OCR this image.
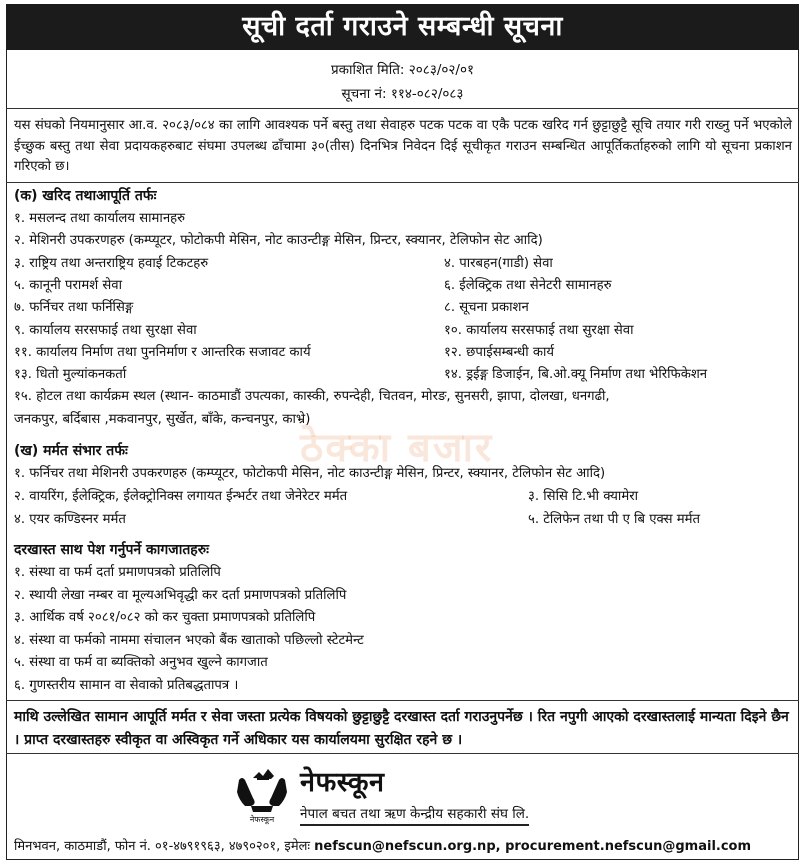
सूची दर्ता गराउने सम्बन्धी सूचना
प्रकाशित मिति: २०८३/०२/०१
सूचना नं: ११४-०८२/०८३
यस संघको नियमानुसार आ.व. २०८३/०८४ का लागि आवश्यक पर्ने बस्तु तथा सेवाहरु पटक पटक वा एकै पटक खरिद गर्न छुट्टाछुट्टै सूचि तयार गरी राख्नु पर्ने भएकोले ईच्छुक बस्तु तथा सेवा प्रदायकहरुबाट संघमा उपलब्ध ढाँचामा ३०(तीस) दिनभित्र निवेदन दिई सूचीकृत गराउन सम्बन्धित आपूर्तिकर्ताहरुको लागि यो सूचना प्रकाशन गरिएको छ।
ठेक्का बजार
(क) खरिद तथाआपूर्ति तर्फः
१. मसलन्द तथा कार्यालय सामानहरु
२. मेशिनरी उपकरणहरु (कम्प्यूटर, फोटोकपी मेसिन, नोट काउन्टीङ्ग मेसिन, प्रिन्टर, स्क्यानर, टेलिफोन सेट आदि)
३. राष्ट्रिय तथा अन्तराष्ट्रिय हवाई टिकटहरु	४. पारबहन(गाडी) सेवा
५. कानूनी परामर्श सेवा	६. ईलेक्ट्रिक तथा सेनेटरी सामानहरु
७. फर्निचर तथा फर्निसिङ्ग	८. सूचना प्रकाशन
९. कार्यालय सरसफाई तथा सुरक्षा सेवा	१०. कार्यालय सरसफाई तथा सुरक्षा सेवा
११. कार्यालय निर्माण तथा पुननिर्माण र आन्तरिक सजावट कार्य	१२. छपाईसम्बन्धी कार्य
१३. धितो मुल्यांकनकर्ता	१४. ड्रईङ्ग डिजाईन, बि.ओ.क्यू निर्माण तथा भेरिफिकेशन
१५. होटल तथा कार्यक्रम स्थल (स्थान- काठमाडौं उपत्यका, कास्की, रुपन्देही, चितवन, मोरङ, सुनसरी, झापा, दोलखा, धनगढी,
जनकपुर, बर्दिबास ,मकवानपुर, सुर्खेत, बाँके, कन्चनपुर, काभ्रे)
(ख) मर्मत संभार तर्फः
१. फर्निचर तथा मेशिनरी उपकरणहरु (कम्प्यूटर, फोटोकपी मेसिन, नोट काउन्टीङ्ग मेसिन, प्रिन्टर, स्क्यानर, टेलिफोन सेट आदि)
२. वायरिंग, ईलेक्ट्रिक, ईलेक्ट्रोनिक्स लगायत ईन्भर्टर तथा जेनेरेटर मर्मत	३. सिसि टि.भी क्यामेरा
४. एयर कण्डिस्नर मर्मत	५. टेलिफेन तथा पी ए बि एक्स मर्मत
दरखास्त साथ पेश गर्नुपर्ने कागजातहरुः
१. संस्था वा फर्म दर्ता प्रमाणपत्रको प्रतिलिपि
२. स्थायी लेखा नम्बर वा मूल्यअभिवृद्धी कर दर्ता प्रमाणपत्रको प्रतिलिपि
३. आर्थिक वर्ष २०८१/०८२ को कर चुक्ता प्रमाणपत्रको प्रतिलिपि
४. संस्था वा फर्मको नाममा संचालन भएको बैंक खाताको पछिल्लो स्टेटमेन्ट
५. संस्था वा फर्म वा ब्यक्तिको अनुभव खुल्ने कागजात
६. गुणस्तरीय सामान वा सेवाको प्रतिबद्धतापत्र ।
माथि उल्लेखित सामान आपूर्ति मर्मत र सेवा जस्ता प्रत्येक विषयको छुट्टाछुट्टै दरखास्त दर्ता गराउनुपर्नेछ । रित नपुगी आएको दरखास्तलाई मान्यता दिइने छैन । प्राप्त दरखास्तहरु स्वीकृत वा अस्विकृत गर्ने अधिकार यस कार्यालयमा सुरक्षित रहने छ ।
नेफस्कून
नेफस्कून
नेपाल बचत तथा ऋण केन्द्रीय सहकारी संघ लि.
मिनभवन, काठमाडौं, फोन नं. ०१-४७९१९६३, ४७९०२०१, इमेलः nefscun@nefscun.org.np, procurement.nefscun@gmail.com
